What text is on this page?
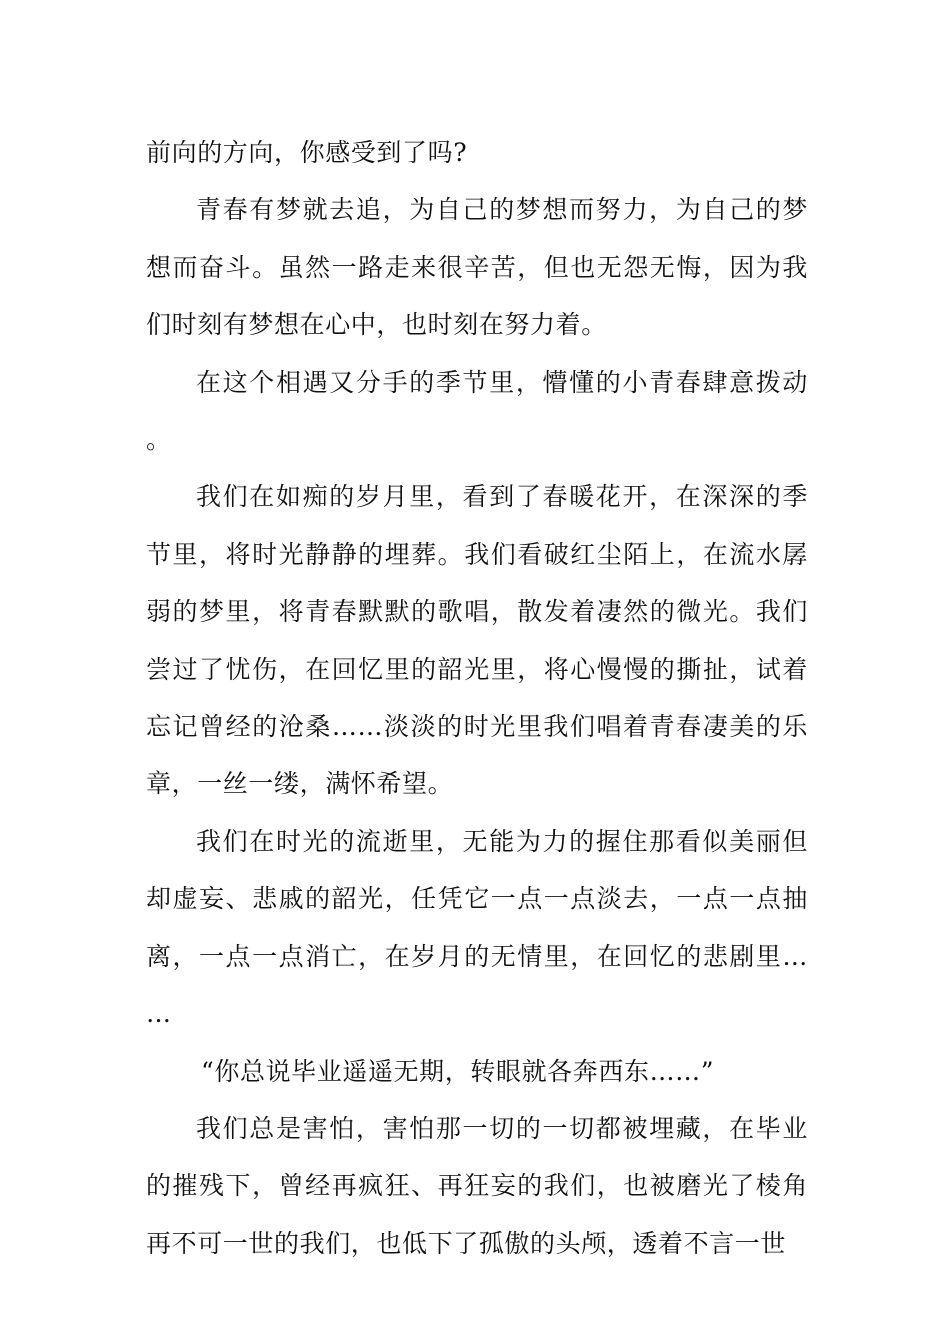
前向的方向，你感受到了吗?

青春有梦就去追，为自己的梦想而努力，为自己的梦想而奋斗。虽然一路走来很辛苦，但也无怨无悔，因为我们时刻有梦想在心中，也时刻在努力着。

在这个相遇又分手的季节里，懵懂的小青春肆意拨动。

我们在如痴的岁月里，看到了春暖花开，在深深的季节里，将时光静静的埋葬。我们看破红尘陌上，在流水孱弱的梦里，将青春默默的歌唱，散发着凄然的微光。我们尝过了忧伤，在回忆里的韶光里，将心慢慢的撕扯，试着忘记曾经的沧桑……淡淡的时光里我们唱着青春凄美的乐章，一丝一缕，满怀希望。

我们在时光的流逝里，无能为力的握住那看似美丽但却虚妄、悲戚的韶光，任凭它一点一点淡去，一点一点抽离，一点一点消亡，在岁月的无情里，在回忆的悲剧里……

“你总说毕业遥遥无期，转眼就各奔西东……”

我们总是害怕，害怕那一切的一切都被埋藏，在毕业的摧残下，曾经再疯狂、再狂妄的我们，也被磨光了棱角再不可一世的我们，也低下了孤傲的头颅，透着不言一世
